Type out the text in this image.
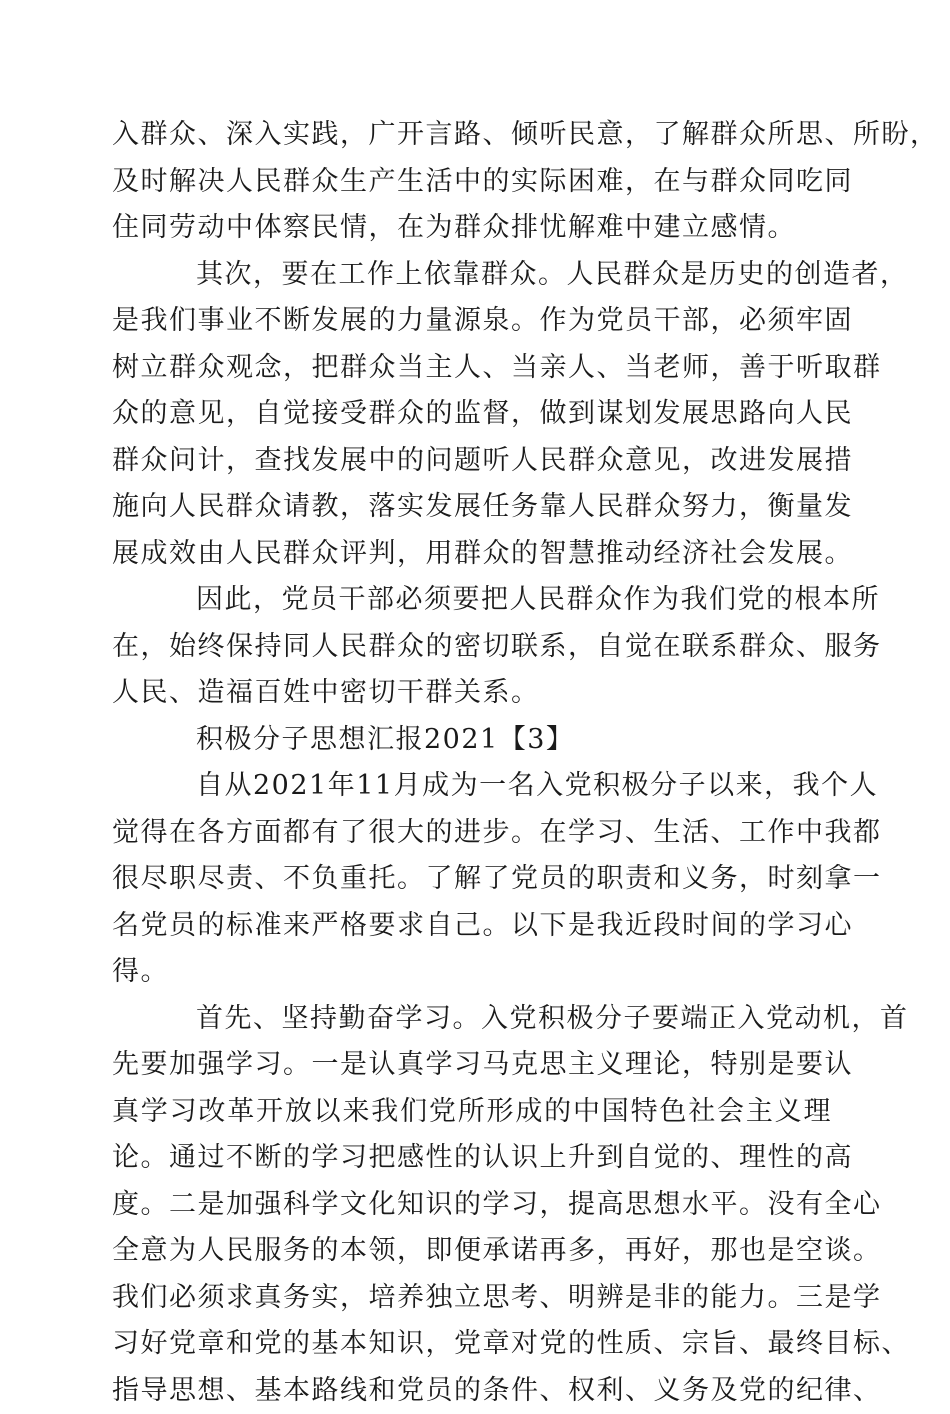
入群众、深入实践，广开言路、倾听民意，了解群众所思、所盼，
及时解决人民群众生产生活中的实际困难，在与群众同吃同
住同劳动中体察民情，在为群众排忧解难中建立感情。
其次，要在工作上依靠群众。人民群众是历史的创造者，
是我们事业不断发展的力量源泉。作为党员干部，必须牢固
树立群众观念，把群众当主人、当亲人、当老师，善于听取群
众的意见，自觉接受群众的监督，做到谋划发展思路向人民
群众问计，查找发展中的问题听人民群众意见，改进发展措
施向人民群众请教，落实发展任务靠人民群众努力，衡量发
展成效由人民群众评判，用群众的智慧推动经济社会发展。
因此，党员干部必须要把人民群众作为我们党的根本所
在，始终保持同人民群众的密切联系，自觉在联系群众、服务
人民、造福百姓中密切干群关系。
积极分子思想汇报2021【3】
自从2021年11月成为一名入党积极分子以来，我个人
觉得在各方面都有了很大的进步。在学习、生活、工作中我都
很尽职尽责、不负重托。了解了党员的职责和义务，时刻拿一
名党员的标准来严格要求自己。以下是我近段时间的学习心
得。
首先、坚持勤奋学习。入党积极分子要端正入党动机，首
先要加强学习。一是认真学习马克思主义理论，特别是要认
真学习改革开放以来我们党所形成的中国特色社会主义理
论。通过不断的学习把感性的认识上升到自觉的、理性的高
度。二是加强科学文化知识的学习，提高思想水平。没有全心
全意为人民服务的本领，即便承诺再多，再好，那也是空谈。
我们必须求真务实，培养独立思考、明辨是非的能力。三是学
习好党章和党的基本知识，党章对党的性质、宗旨、最终目标、
指导思想、基本路线和党员的条件、权利、义务及党的纪律、
